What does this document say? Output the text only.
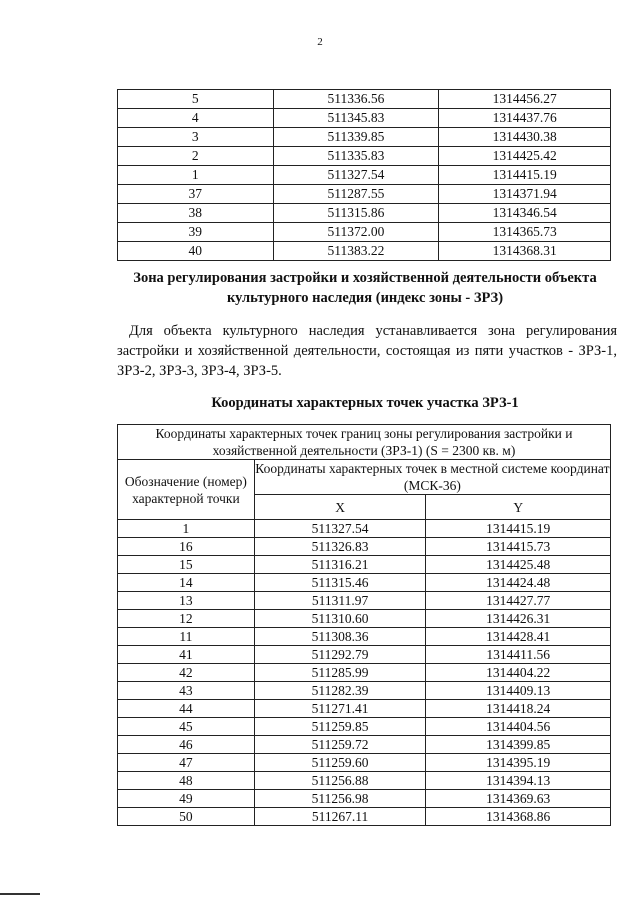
2
5	511336.56	1314456.27
4	511345.83	1314437.76
3	511339.85	1314430.38
2	511335.83	1314425.42
1	511327.54	1314415.19
37	511287.55	1314371.94
38	511315.86	1314346.54
39	511372.00	1314365.73
40	511383.22	1314368.31
Зона регулирования застройки и хозяйственной деятельности объекта культурного наследия (индекс зоны - ЗРЗ)
Для объекта культурного наследия устанавливается зона регулирования застройки и хозяйственной деятельности, состоящая из пяти участков - ЗРЗ-1, ЗРЗ-2, ЗРЗ-3, ЗРЗ-4, ЗРЗ-5.
Координаты характерных точек участка ЗРЗ-1
Координаты характерных точек границ зоны регулирования застройки и хозяйственной деятельности (ЗРЗ-1) (S = 2300 кв. м)		
Обозначение (номер) характерной точки	Координаты характерных точек в местной системе координат (МСК-36)	
	X	Y
1	511327.54	1314415.19
16	511326.83	1314415.73
15	511316.21	1314425.48
14	511315.46	1314424.48
13	511311.97	1314427.77
12	511310.60	1314426.31
11	511308.36	1314428.41
41	511292.79	1314411.56
42	511285.99	1314404.22
43	511282.39	1314409.13
44	511271.41	1314418.24
45	511259.85	1314404.56
46	511259.72	1314399.85
47	511259.60	1314395.19
48	511256.88	1314394.13
49	511256.98	1314369.63
50	511267.11	1314368.86
